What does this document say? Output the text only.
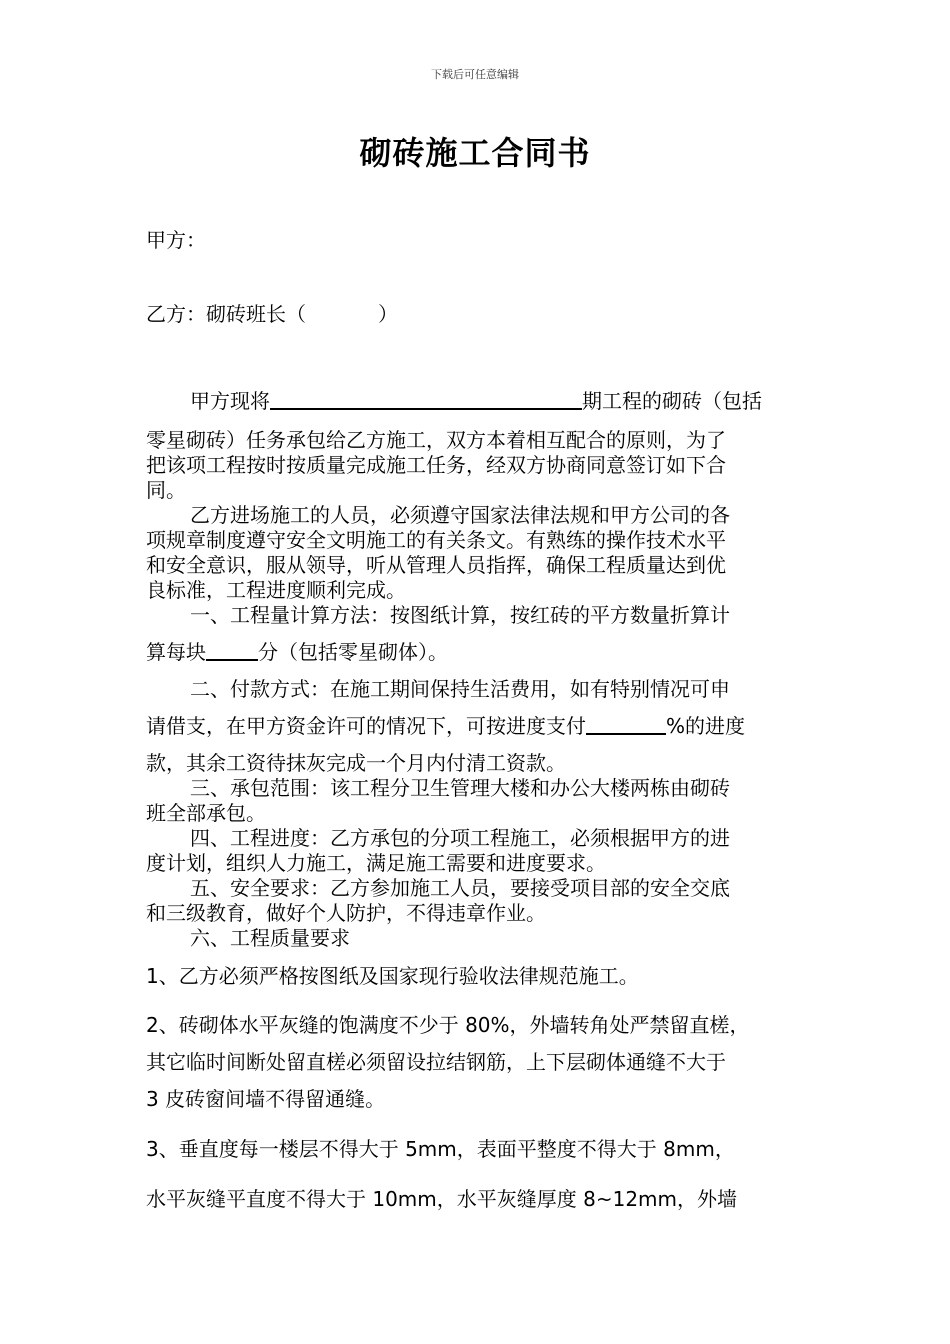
下载后可任意编辑
砌砖施工合同书
甲方：
乙方：砌砖班长（	）
甲方现将	期工程的砌砖（包括
零星砌砖）任务承包给乙方施工，双方本着相互配合的原则，为了
把该项工程按时按质量完成施工任务，经双方协商同意签订如下合
同。
乙方进场施工的人员，必须遵守国家法律法规和甲方公司的各
项规章制度遵守安全文明施工的有关条文。有熟练的操作技术水平
和安全意识，服从领导，听从管理人员指挥，确保工程质量达到优
良标准，工程进度顺利完成。
一、工程量计算方法：按图纸计算，按红砖的平方数量折算计
算每块	分（包括零星砌体）。
二、付款方式：在施工期间保持生活费用，如有特别情况可申
请借支，在甲方资金许可的情况下，可按进度支付	%的进度
款，其余工资待抹灰完成一个月内付清工资款。
三、承包范围：该工程分卫生管理大楼和办公大楼两栋由砌砖
班全部承包。
四、工程进度：乙方承包的分项工程施工，必须根据甲方的进
度计划，组织人力施工，满足施工需要和进度要求。
五、安全要求：乙方参加施工人员，要接受项目部的安全交底
和三级教育，做好个人防护，不得违章作业。
六、工程质量要求
1、乙方必须严格按图纸及国家现行验收法律规范施工。
2、砖砌体水平灰缝的饱满度不少于 80%，外墙转角处严禁留直槎，
其它临时间断处留直槎必须留设拉结钢筋，上下层砌体通缝不大于
3 皮砖窗间墙不得留通缝。
3、垂直度每一楼层不得大于 5mm，表面平整度不得大于 8mm，
水平灰缝平直度不得大于 10mm，水平灰缝厚度 8~12mm，外墙
